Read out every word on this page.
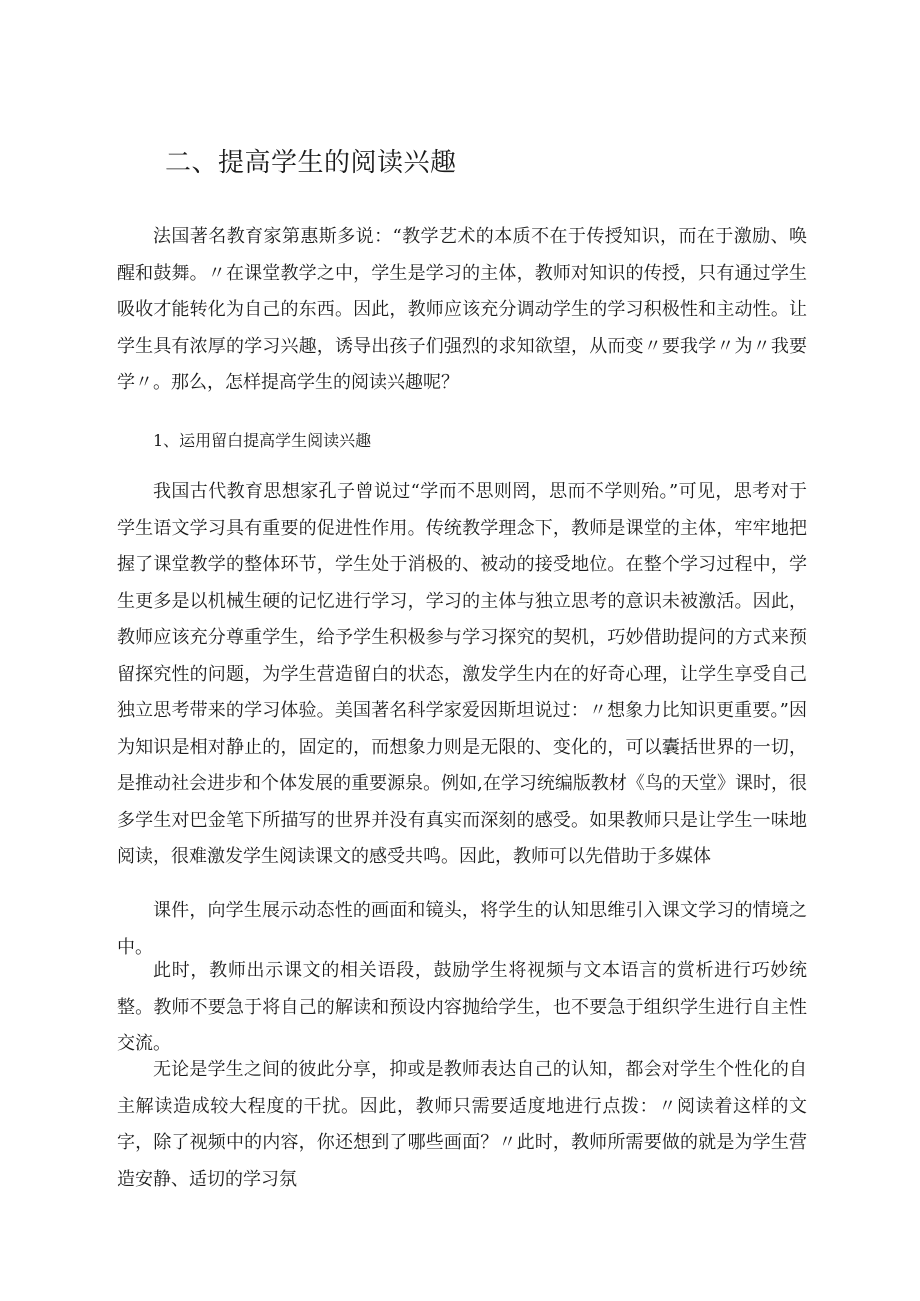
二、提高学生的阅读兴趣

法国著名教育家第惠斯多说：“教学艺术的本质不在于传授知识，而在于激励、唤醒和鼓舞。〃在课堂教学之中，学生是学习的主体，教师对知识的传授，只有通过学生吸收才能转化为自己的东西。因此，教师应该充分调动学生的学习积极性和主动性。让学生具有浓厚的学习兴趣，诱导出孩子们强烈的求知欲望，从而变〃要我学〃为〃我要学〃。那么，怎样提高学生的阅读兴趣呢？

1、运用留白提高学生阅读兴趣

我国古代教育思想家孔子曾说过“学而不思则罔，思而不学则殆。”可见，思考对于学生语文学习具有重要的促进性作用。传统教学理念下，教师是课堂的主体，牢牢地把握了课堂教学的整体环节，学生处于消极的、被动的接受地位。在整个学习过程中，学生更多是以机械生硬的记忆进行学习，学习的主体与独立思考的意识未被激活。因此，教师应该充分尊重学生，给予学生积极参与学习探究的契机，巧妙借助提问的方式来预留探究性的问题，为学生营造留白的状态，激发学生内在的好奇心理，让学生享受自己独立思考带来的学习体验。美国著名科学家爱因斯坦说过：〃想象力比知识更重要。”因为知识是相对静止的，固定的，而想象力则是无限的、变化的，可以囊括世界的一切，是推动社会进步和个体发展的重要源泉。例如,在学习统编版教材《鸟的天堂》课时，很多学生对巴金笔下所描写的世界并没有真实而深刻的感受。如果教师只是让学生一味地阅读，很难激发学生阅读课文的感受共鸣。因此，教师可以先借助于多媒体

课件，向学生展示动态性的画面和镜头，将学生的认知思维引入课文学习的情境之中。

此时，教师出示课文的相关语段，鼓励学生将视频与文本语言的赏析进行巧妙统整。教师不要急于将自己的解读和预设内容抛给学生，也不要急于组织学生进行自主性交流。

无论是学生之间的彼此分享，抑或是教师表达自己的认知，都会对学生个性化的自主解读造成较大程度的干扰。因此，教师只需要适度地进行点拨：〃阅读着这样的文字，除了视频中的内容，你还想到了哪些画面？〃此时，教师所需要做的就是为学生营造安静、适切的学习氛
